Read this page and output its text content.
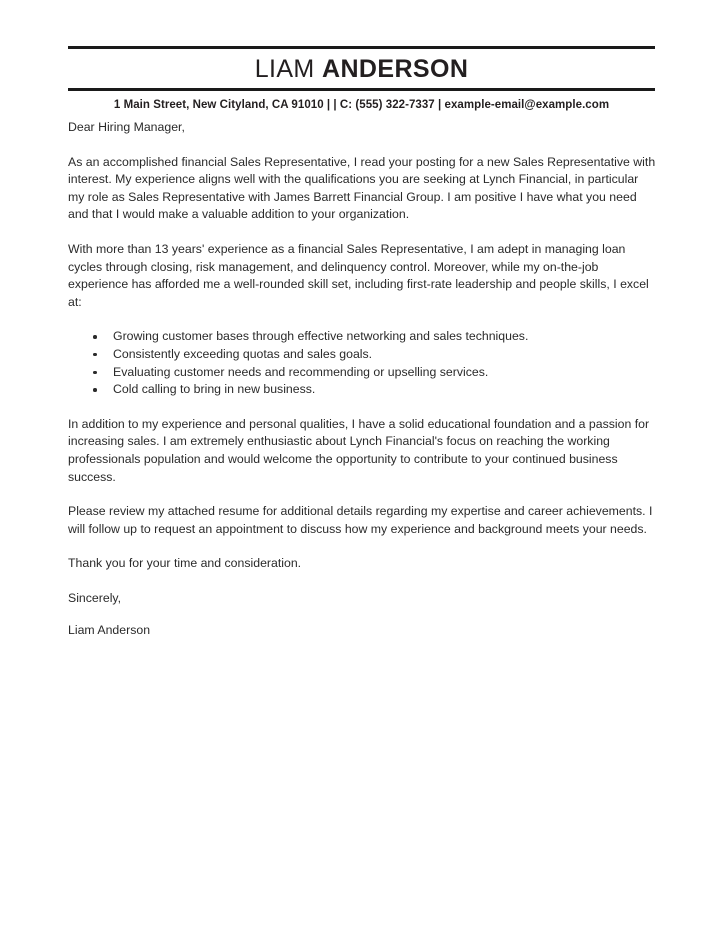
LIAM ANDERSON
1 Main Street, New Cityland, CA 91010 | | C: (555) 322-7337 | example-email@example.com

Dear Hiring Manager,

As an accomplished financial Sales Representative, I read your posting for a new Sales Representative with interest. My experience aligns well with the qualifications you are seeking at Lynch Financial, in particular my role as Sales Representative with James Barrett Financial Group. I am positive I have what you need and that I would make a valuable addition to your organization.

With more than 13 years' experience as a financial Sales Representative, I am adept in managing loan cycles through closing, risk management, and delinquency control. Moreover, while my on-the-job experience has afforded me a well-rounded skill set, including first-rate leadership and people skills, I excel at:

Growing customer bases through effective networking and sales techniques.
Consistently exceeding quotas and sales goals.
Evaluating customer needs and recommending or upselling services.
Cold calling to bring in new business.

In addition to my experience and personal qualities, I have a solid educational foundation and a passion for increasing sales. I am extremely enthusiastic about Lynch Financial's focus on reaching the working professionals population and would welcome the opportunity to contribute to your continued business success.

Please review my attached resume for additional details regarding my expertise and career achievements. I will follow up to request an appointment to discuss how my experience and background meets your needs.

Thank you for your time and consideration.

Sincerely,

Liam Anderson
